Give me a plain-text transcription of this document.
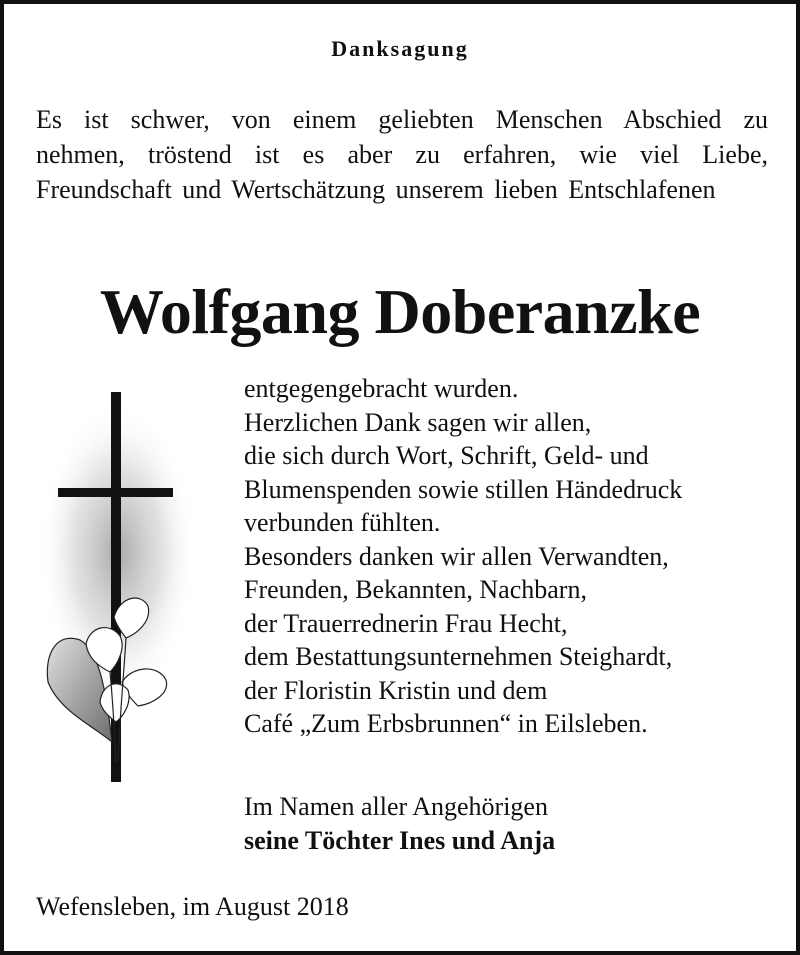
Danksagung
Es ist schwer, von einem geliebten Menschen Abschied zu nehmen, tröstend ist es aber zu erfahren, wie viel Liebe, Freundschaft und Wertschätzung unserem lieben Entschlafenen
Wolfgang Doberanzke
entgegengebracht wurden.
Herzlichen Dank sagen wir allen,
die sich durch Wort, Schrift, Geld- und
Blumenspenden sowie stillen Händedruck
verbunden fühlten.
Besonders danken wir allen Verwandten,
Freunden, Bekannten, Nachbarn,
der Trauerrednerin Frau Hecht,
dem Bestattungsunternehmen Steighardt,
der Floristin Kristin und dem
Café „Zum Erbsbrunnen“ in Eilsleben.
Im Namen aller Angehörigen
seine Töchter Ines und Anja
Wefensleben, im August 2018
